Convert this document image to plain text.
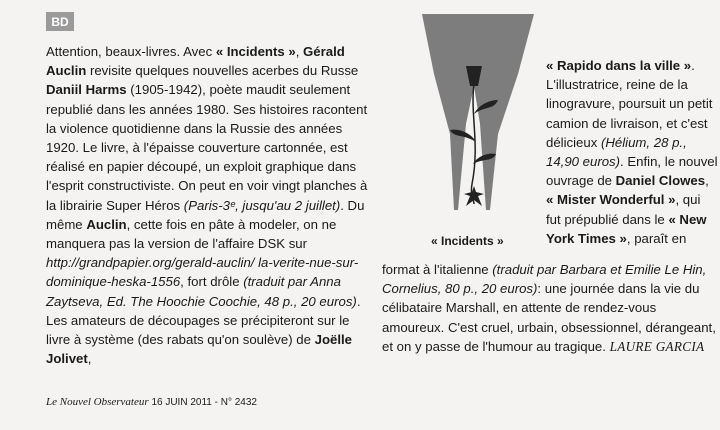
BD

Attention, beaux-livres. Avec « Incidents », Gérald Auclin revisite quelques nouvelles acerbes du Russe Daniil Harms (1905-1942), poète maudit seulement republié dans les années 1980. Ses histoires racontent la violence quotidienne dans la Russie des années 1920. Le livre, à l'épaisse couverture cartonnée, est réalisé en papier découpé, un exploit graphique dans l'esprit constructiviste. On peut en voir vingt planches à la librairie Super Héros (Paris-3ᵉ, jusqu'au 2 juillet). Du même Auclin, cette fois en pâte à modeler, on ne manquera pas la version de l'affaire DSK sur http://grandpapier.org/gerald-auclin/ la-verite-nue-sur-dominique-heska-1556, fort drôle (traduit par Anna Zaytseva, Ed. The Hoochie Coochie, 48 p., 20 euros). Les amateurs de découpages se précipiteront sur le livre à système (des rabats qu'on soulève) de Joëlle Jolivet,

« Incidents »

« Rapido dans la ville ». L'illustratrice, reine de la linogravure, poursuit un petit camion de livraison, et c'est délicieux (Hélium, 28 p., 14,90 euros). Enfin, le nouvel ouvrage de Daniel Clowes, « Mister Wonderful », qui fut prépublié dans le « New York Times », paraît en

format à l'italienne (traduit par Barbara et Emilie Le Hin, Cornelius, 80 p., 20 euros): une journée dans la vie du célibataire Marshall, en attente de rendez-vous amoureux. C'est cruel, urbain, obsessionnel, dérangeant, et on y passe de l'humour au tragique. LAURE GARCIA

Le Nouvel Observateur 16 JUIN 2011 - N° 2432
